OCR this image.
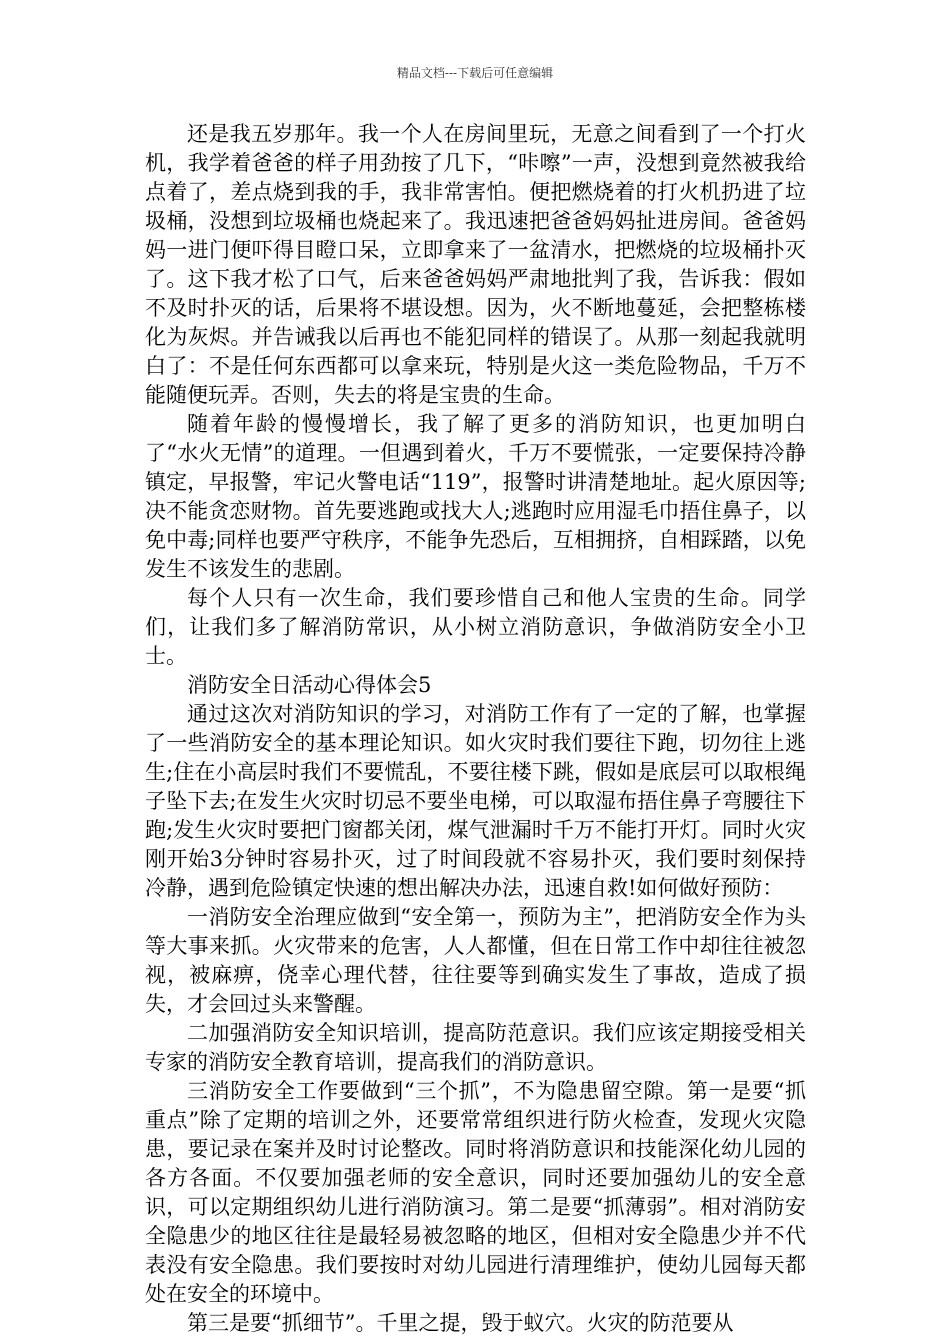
精品文档---下载后可任意编辑

还是我五岁那年。我一个人在房间里玩，无意之间看到了一个打火机，我学着爸爸的样子用劲按了几下，“咔嚓”一声，没想到竟然被我给点着了，差点烧到我的手，我非常害怕。便把燃烧着的打火机扔进了垃圾桶，没想到垃圾桶也烧起来了。我迅速把爸爸妈妈扯进房间。爸爸妈妈一进门便吓得目瞪口呆，立即拿来了一盆清水，把燃烧的垃圾桶扑灭了。这下我才松了口气，后来爸爸妈妈严肃地批判了我，告诉我：假如不及时扑灭的话，后果将不堪设想。因为，火不断地蔓延，会把整栋楼化为灰烬。并告诫我以后再也不能犯同样的错误了。从那一刻起我就明白了：不是任何东西都可以拿来玩，特别是火这一类危险物品，千万不能随便玩弄。否则，失去的将是宝贵的生命。

随着年龄的慢慢增长，我了解了更多的消防知识，也更加明白了“水火无情”的道理。一但遇到着火，千万不要慌张，一定要保持冷静镇定，早报警，牢记火警电话“119”，报警时讲清楚地址。起火原因等;决不能贪恋财物。首先要逃跑或找大人;逃跑时应用湿毛巾捂住鼻子，以免中毒;同样也要严守秩序，不能争先恐后，互相拥挤，自相踩踏，以免发生不该发生的悲剧。

每个人只有一次生命，我们要珍惜自己和他人宝贵的生命。同学们，让我们多了解消防常识，从小树立消防意识，争做消防安全小卫士。

消防安全日活动心得体会5

通过这次对消防知识的学习，对消防工作有了一定的了解，也掌握了一些消防安全的基本理论知识。如火灾时我们要往下跑，切勿往上逃生;住在小高层时我们不要慌乱，不要往楼下跳，假如是底层可以取根绳子坠下去;在发生火灾时切忌不要坐电梯，可以取湿布捂住鼻子弯腰往下跑;发生火灾时要把门窗都关闭，煤气泄漏时千万不能打开灯。同时火灾刚开始3分钟时容易扑灭，过了时间段就不容易扑灭，我们要时刻保持冷静，遇到危险镇定快速的想出解决办法，迅速自救!如何做好预防：

一消防安全治理应做到“安全第一，预防为主”，把消防安全作为头等大事来抓。火灾带来的危害，人人都懂，但在日常工作中却往往被忽视，被麻痹，侥幸心理代替，往往要等到确实发生了事故，造成了损失，才会回过头来警醒。

二加强消防安全知识培训，提高防范意识。我们应该定期接受相关专家的消防安全教育培训，提高我们的消防意识。

三消防安全工作要做到“三个抓”，不为隐患留空隙。第一是要“抓重点”除了定期的培训之外，还要常常组织进行防火检查，发现火灾隐患，要记录在案并及时讨论整改。同时将消防意识和技能深化幼儿园的各方各面。不仅要加强老师的安全意识，同时还要加强幼儿的安全意识，可以定期组织幼儿进行消防演习。第二是要“抓薄弱”。相对消防安全隐患少的地区往往是最轻易被忽略的地区，但相对安全隐患少并不代表没有安全隐患。我们要按时对幼儿园进行清理维护，使幼儿园每天都处在安全的环境中。

第三是要“抓细节”。千里之提，毁于蚁穴。火灾的防范要从
